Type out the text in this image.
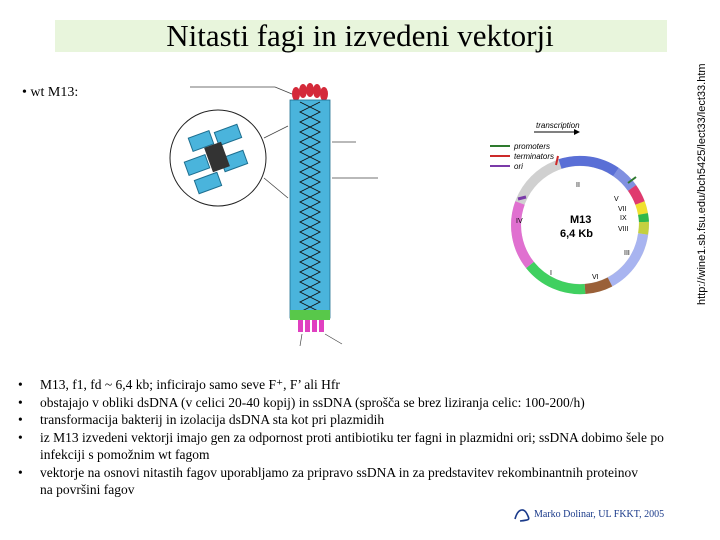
Nitasti fagi in izvedeni vektorji
http://wine1.sb.fsu.edu/bch5425/lect33/lect33.htm
• wt M13:
promoters
terminators
ori
transcription
M13
6,4 Kb
II
V
VII
IX
VIII
III
VI
I
IV
• M13, f1, fd ~ 6,4 kb; inficirajo samo seve F⁺, F’ ali Hfr
• obstajajo v obliki dsDNA (v celici 20-40 kopij) in ssDNA (sprošča se brez liziranja celic: 100-200/h)
• transformacija bakterij in izolacija dsDNA sta kot pri plazmidih
• iz M13 izvedeni vektorji imajo gen za odpornost proti antibiotiku ter fagni in plazmidni ori; ssDNA dobimo šele po infekciji s pomožnim wt fagom
• vektorje na osnovi nitastih fagov uporabljamo za pripravo ssDNA in za predstavitev rekombinantnih proteinov na površini fagov
Marko Dolinar, UL FKKT, 2005
